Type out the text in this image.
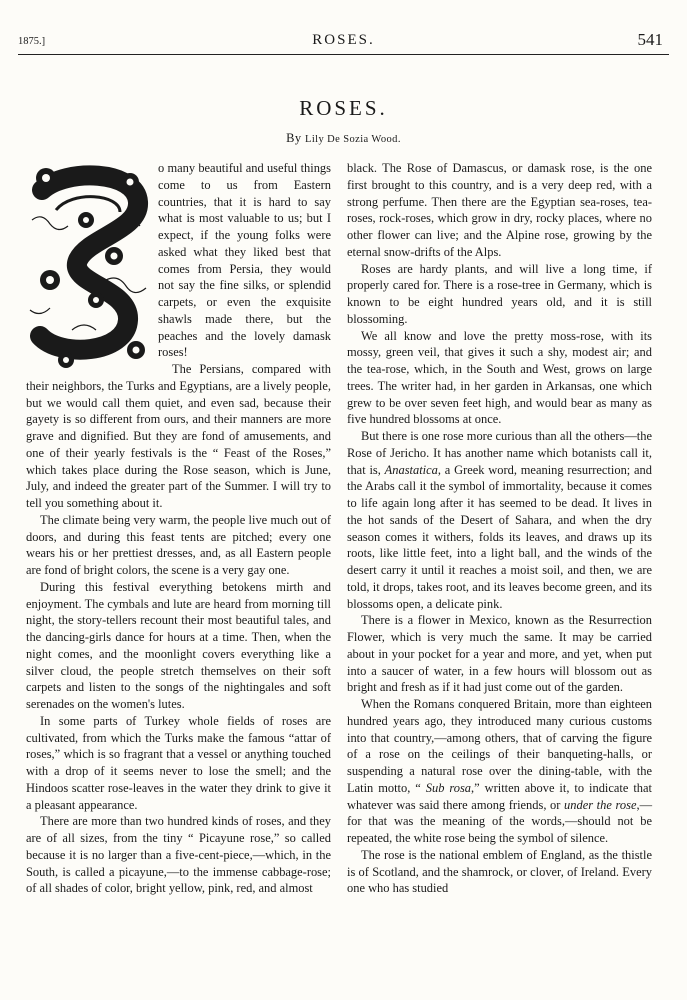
1875.]	ROSES.	541
ROSES.
By Lily De Sozia Wood.

o many beautiful and useful things come to us from Eastern countries, that it is hard to say what is most valuable to us; but I expect, if the young folks were asked what they liked best that comes from Persia, they would not say the fine silks, or splendid carpets, or even the exquisite shawls made there, but the peaches and the lovely damask roses!

The Persians, compared with their neighbors, the Turks and Egyptians, are a lively people, but we would call them quiet, and even sad, because their gayety is so different from ours, and their manners are more grave and dignified. But they are fond of amusements, and one of their yearly festivals is the “ Feast of the Roses,” which takes place during the Rose season, which is June, July, and indeed the greater part of the Summer. I will try to tell you something about it.

The climate being very warm, the people live much out of doors, and during this feast tents are pitched; every one wears his or her prettiest dresses, and, as all Eastern people are fond of bright colors, the scene is a very gay one.

During this festival everything betokens mirth and enjoyment. The cymbals and lute are heard from morning till night, the story-tellers recount their most beautiful tales, and the dancing-girls dance for hours at a time. Then, when the night comes, and the moonlight covers everything like a silver cloud, the people stretch themselves on their soft carpets and listen to the songs of the nightingales and soft serenades on the women's lutes.

In some parts of Turkey whole fields of roses are cultivated, from which the Turks make the famous “attar of roses,” which is so fragrant that a vessel or anything touched with a drop of it seems never to lose the smell; and the Hindoos scatter rose-leaves in the water they drink to give it a pleasant appearance.

There are more than two hundred kinds of roses, and they are of all sizes, from the tiny “ Picayune rose,” so called because it is no larger than a five-cent-piece,—which, in the South, is called a picayune,—to the immense cabbage-rose; of all shades of color, bright yellow, pink, red, and almost

black. The Rose of Damascus, or damask rose, is the one first brought to this country, and is a very deep red, with a strong perfume. Then there are the Egyptian sea-roses, tea-roses, rock-roses, which grow in dry, rocky places, where no other flower can live; and the Alpine rose, growing by the eternal snow-drifts of the Alps.

Roses are hardy plants, and will live a long time, if properly cared for. There is a rose-tree in Germany, which is known to be eight hundred years old, and it is still blossoming.

We all know and love the pretty moss-rose, with its mossy, green veil, that gives it such a shy, modest air; and the tea-rose, which, in the South and West, grows on large trees. The writer had, in her garden in Arkansas, one which grew to be over seven feet high, and would bear as many as five hundred blossoms at once.

But there is one rose more curious than all the others—the Rose of Jericho. It has another name which botanists call it, that is, Anastatica, a Greek word, meaning resurrection; and the Arabs call it the symbol of immortality, because it comes to life again long after it has seemed to be dead. It lives in the hot sands of the Desert of Sahara, and when the dry season comes it withers, folds its leaves, and draws up its roots, like little feet, into a light ball, and the winds of the desert carry it until it reaches a moist soil, and then, we are told, it drops, takes root, and its leaves become green, and its blossoms open, a delicate pink.

There is a flower in Mexico, known as the Resurrection Flower, which is very much the same. It may be carried about in your pocket for a year and more, and yet, when put into a saucer of water, in a few hours will blossom out as bright and fresh as if it had just come out of the garden.

When the Romans conquered Britain, more than eighteen hundred years ago, they introduced many curious customs into that country,—among others, that of carving the figure of a rose on the ceilings of their banqueting-halls, or suspending a natural rose over the dining-table, with the Latin motto, “ Sub rosa,” written above it, to indicate that whatever was said there among friends, or under the rose,—for that was the meaning of the words,—should not be repeated, the white rose being the symbol of silence.

The rose is the national emblem of England, as the thistle is of Scotland, and the shamrock, or clover, of Ireland. Every one who has studied
